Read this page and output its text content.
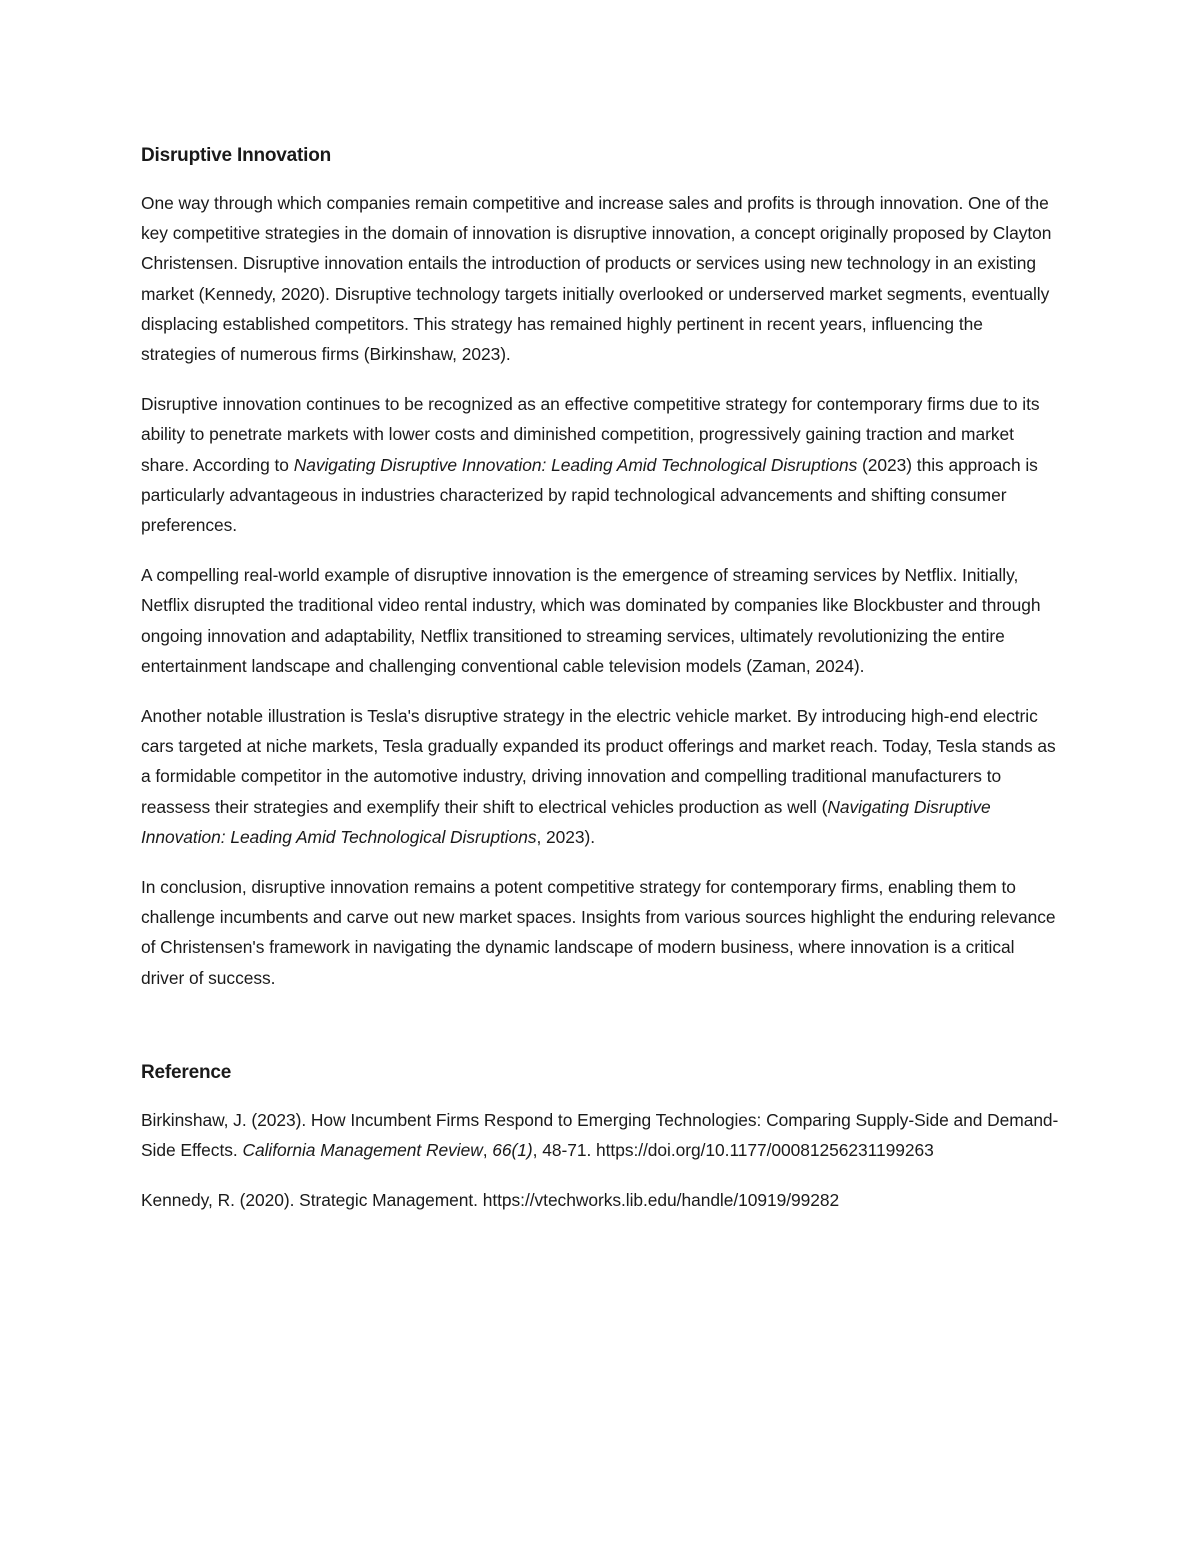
Disruptive Innovation

One way through which companies remain competitive and increase sales and profits is through innovation. One of the key competitive strategies in the domain of innovation is disruptive innovation, a concept originally proposed by Clayton Christensen. Disruptive innovation entails the introduction of products or services using new technology in an existing market (Kennedy, 2020). Disruptive technology targets initially overlooked or underserved market segments, eventually displacing established competitors. This strategy has remained highly pertinent in recent years, influencing the strategies of numerous firms (Birkinshaw, 2023).

Disruptive innovation continues to be recognized as an effective competitive strategy for contemporary firms due to its ability to penetrate markets with lower costs and diminished competition, progressively gaining traction and market share. According to Navigating Disruptive Innovation: Leading Amid Technological Disruptions (2023) this approach is particularly advantageous in industries characterized by rapid technological advancements and shifting consumer preferences.

A compelling real-world example of disruptive innovation is the emergence of streaming services by Netflix. Initially, Netflix disrupted the traditional video rental industry, which was dominated by companies like Blockbuster and through ongoing innovation and adaptability, Netflix transitioned to streaming services, ultimately revolutionizing the entire entertainment landscape and challenging conventional cable television models (Zaman, 2024).

Another notable illustration is Tesla's disruptive strategy in the electric vehicle market. By introducing high-end electric cars targeted at niche markets, Tesla gradually expanded its product offerings and market reach. Today, Tesla stands as a formidable competitor in the automotive industry, driving innovation and compelling traditional manufacturers to reassess their strategies and exemplify their shift to electrical vehicles production as well (Navigating Disruptive Innovation: Leading Amid Technological Disruptions, 2023).

In conclusion, disruptive innovation remains a potent competitive strategy for contemporary firms, enabling them to challenge incumbents and carve out new market spaces. Insights from various sources highlight the enduring relevance of Christensen's framework in navigating the dynamic landscape of modern business, where innovation is a critical driver of success.

Reference

Birkinshaw, J. (2023). How Incumbent Firms Respond to Emerging Technologies: Comparing Supply-Side and Demand-Side Effects. California Management Review, 66(1), 48-71. https://doi.org/10.1177/00081256231199263

Kennedy, R. (2020). Strategic Management. https://vtechworks.lib.edu/handle/10919/99282
